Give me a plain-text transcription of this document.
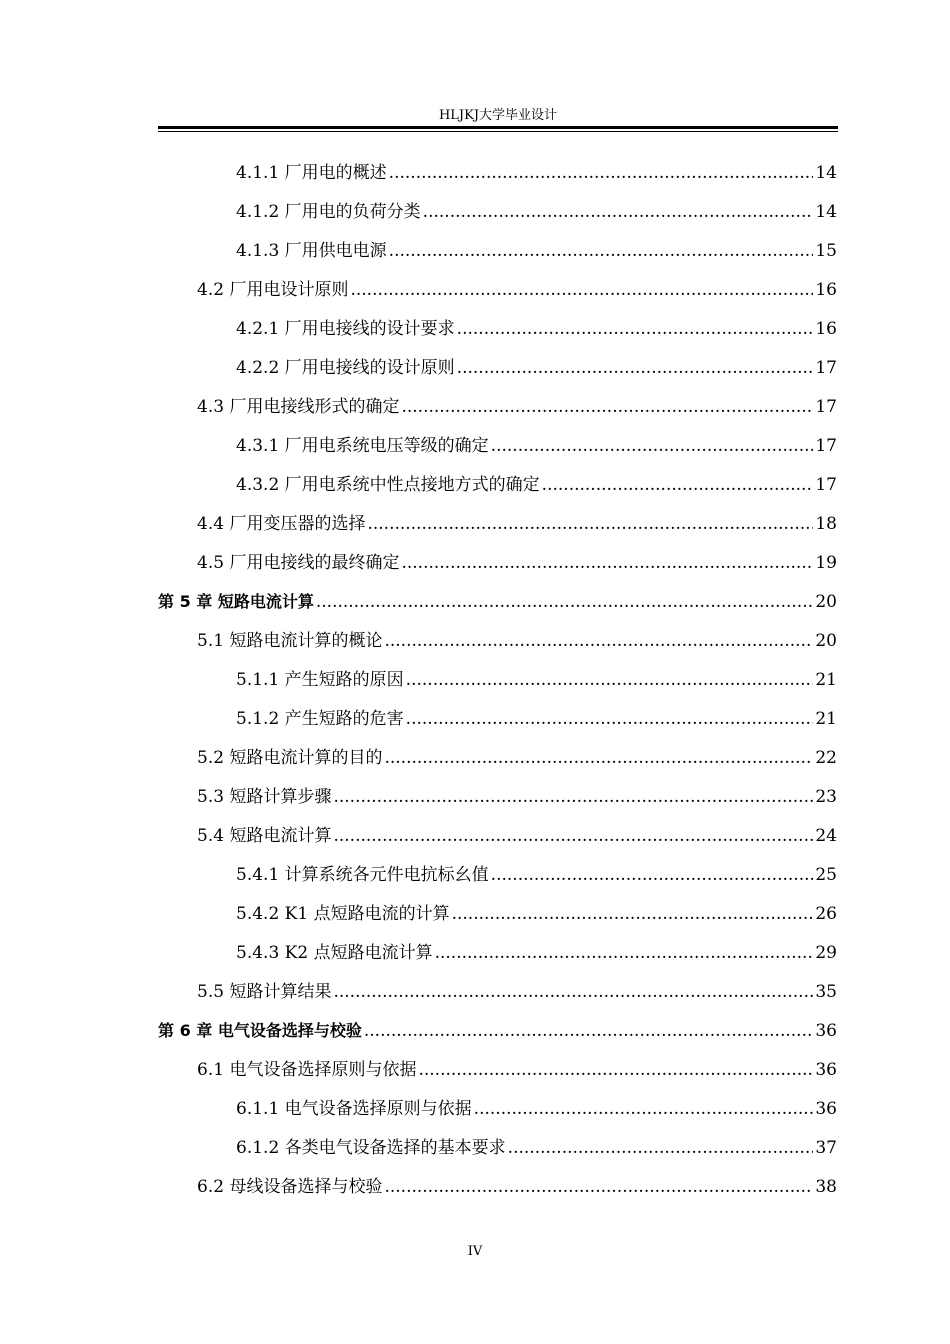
HLJKJ大学毕业设计
4.1.1 厂用电的概述 .....	14
4.1.2 厂用电的负荷分类 .....	14
4.1.3 厂用供电电源 .....	15
4.2 厂用电设计原则 .....	16
4.2.1 厂用电接线的设计要求 .....	16
4.2.2 厂用电接线的设计原则 .....	17
4.3 厂用电接线形式的确定 .....	17
4.3.1 厂用电系统电压等级的确定 .....	17
4.3.2 厂用电系统中性点接地方式的确定 .....	17
4.4 厂用变压器的选择 .....	18
4.5 厂用电接线的最终确定 .....	19
第 5 章 短路电流计算 .....	20
5.1 短路电流计算的概论 .....	20
5.1.1 产生短路的原因 .....	21
5.1.2 产生短路的危害 .....	21
5.2 短路电流计算的目的 .....	22
5.3 短路计算步骤 .....	23
5.4 短路电流计算 .....	24
5.4.1 计算系统各元件电抗标幺值 .....	25
5.4.2 K1 点短路电流的计算 .....	26
5.4.3 K2 点短路电流计算 .....	29
5.5 短路计算结果 .....	35
第 6 章 电气设备选择与校验 .....	36
6.1 电气设备选择原则与依据 .....	36
6.1.1 电气设备选择原则与依据 .....	36
6.1.2 各类电气设备选择的基本要求 .....	37
6.2 母线设备选择与校验 .....	38
IV
